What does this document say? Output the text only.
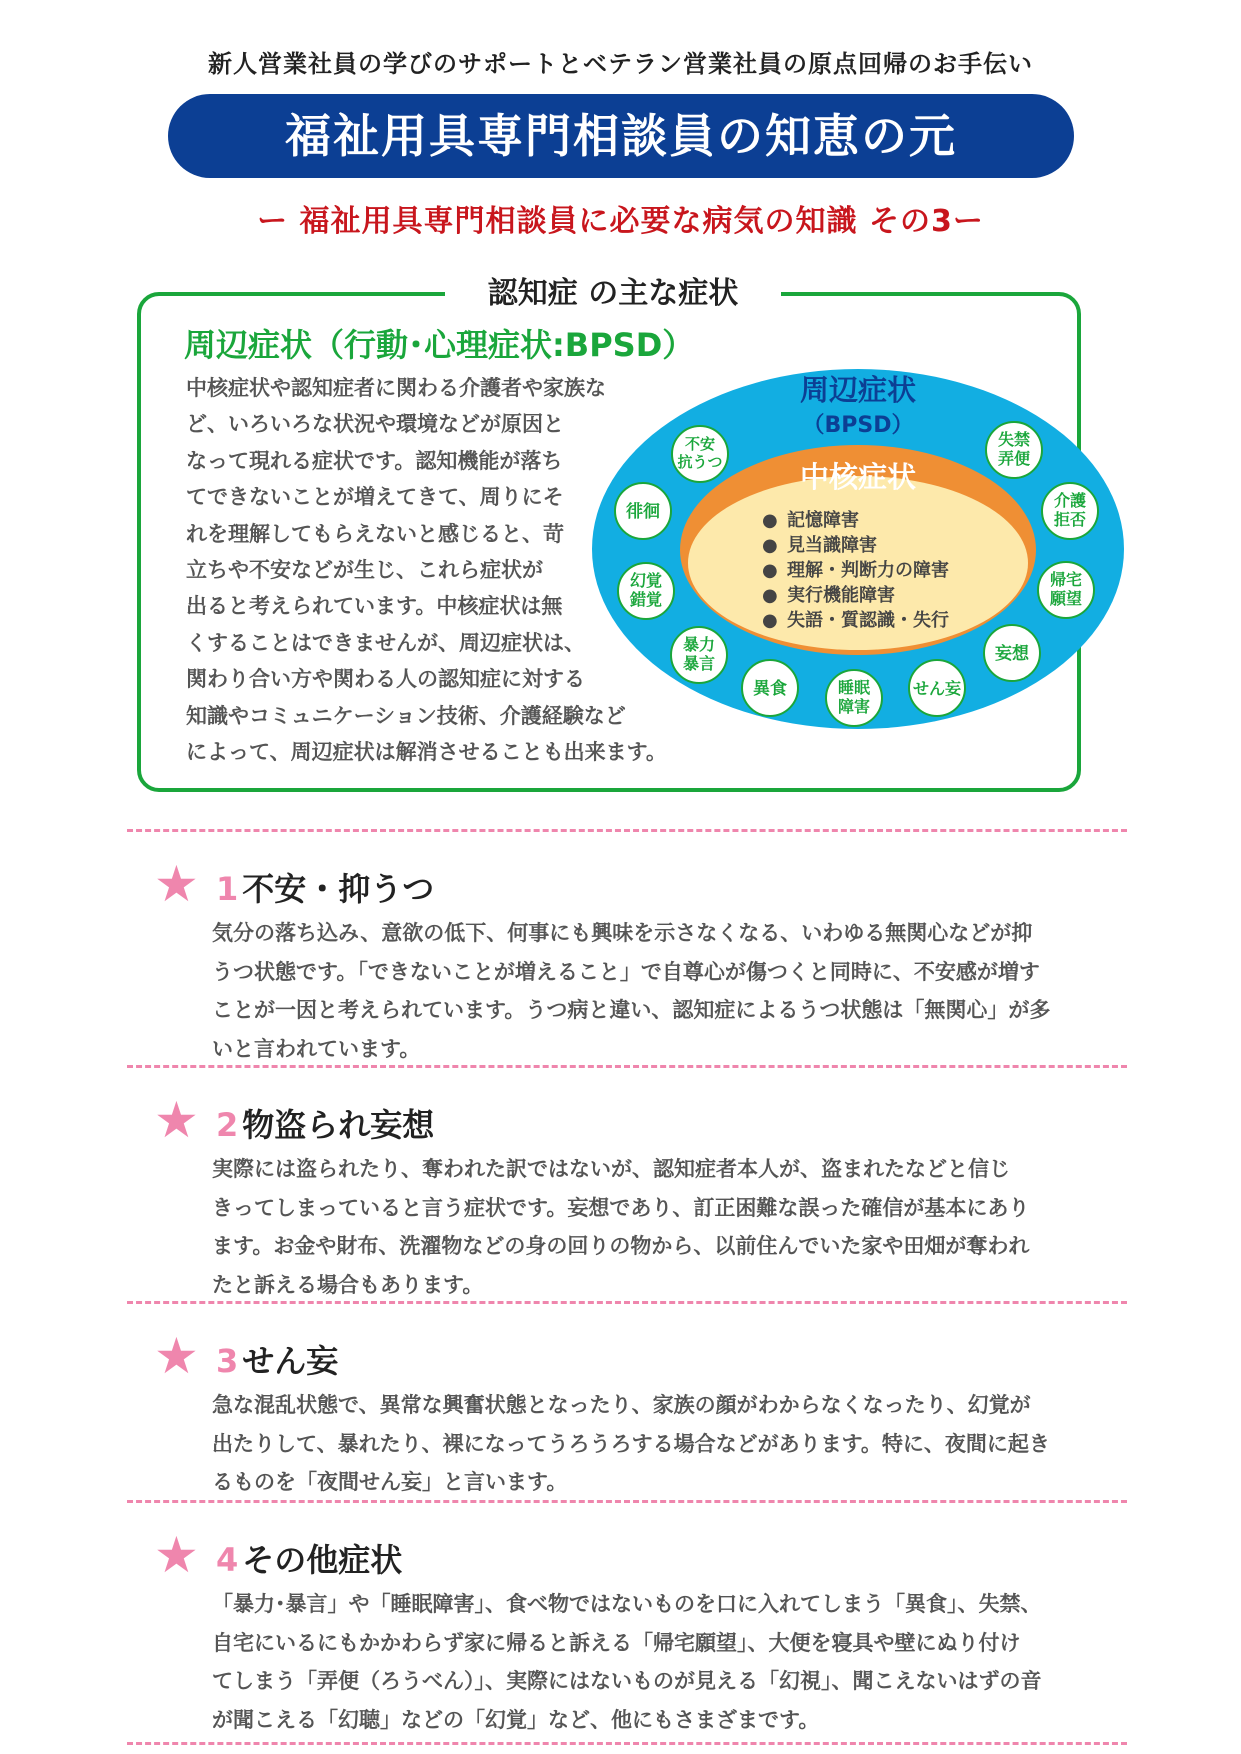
新人営業社員の学びのサポートとベテラン営業社員の原点回帰のお手伝い
福祉用具専門相談員の知恵の元
ー 福祉用具専門相談員に必要な病気の知識 その3ー
認知症 の主な症状
周辺症状（行動･心理症状:BPSD）
中核症状や認知症者に関わる介護者や家族な
ど、いろいろな状況や環境などが原因と
なって現れる症状です。認知機能が落ち
てできないことが増えてきて、周りにそ
れを理解してもらえないと感じると、苛
立ちや不安などが生じ、これら症状が
出ると考えられています。中核症状は無
くすることはできませんが、周辺症状は、
関わり合い方や関わる人の認知症に対する
知識やコミュニケーション技術、介護経験など
によって、周辺症状は解消させることも出来ます。
周辺症状
（BPSD）
中核症状
● 記憶障害
● 見当識障害
● 理解・判断力の障害
● 実行機能障害
● 失語・質認識・失行
不安
抗うつ
徘徊
幻覚
錯覚
暴力
暴言
異食	睡眠
障害
せん妄
妄想
帰宅
願望
介護
拒否
失禁
弄便
★ 1 不安・抑うつ
気分の落ち込み、意欲の低下、何事にも興味を示さなくなる、いわゆる無関心などが抑
うつ状態です。「できないことが増えること」で自尊心が傷つくと同時に、不安感が増す
ことが一因と考えられています。うつ病と違い、認知症によるうつ状態は「無関心」が多
いと言われています。
★ 2 物盗られ妄想
実際には盗られたり、奪われた訳ではないが、認知症者本人が、盗まれたなどと信じ
きってしまっていると言う症状です。妄想であり、訂正困難な誤った確信が基本にあり
ます。お金や財布、洗濯物などの身の回りの物から、以前住んでいた家や田畑が奪われ
たと訴える場合もあります。
★ 3 せん妄
急な混乱状態で、異常な興奮状態となったり、家族の顔がわからなくなったり、幻覚が
出たりして、暴れたり、裸になってうろうろする場合などがあります。特に、夜間に起き
るものを「夜間せん妄」と言います。
★ 4 その他症状
「暴力･暴言」や「睡眠障害」、食べ物ではないものを口に入れてしまう「異食」、失禁、
自宅にいるにもかかわらず家に帰ると訴える「帰宅願望」、大便を寝具や壁にぬり付け
てしまう「弄便（ろうべん）」、実際にはないものが見える「幻視」、聞こえないはずの音
が聞こえる「幻聴」などの「幻覚」など、他にもさまざまです。
